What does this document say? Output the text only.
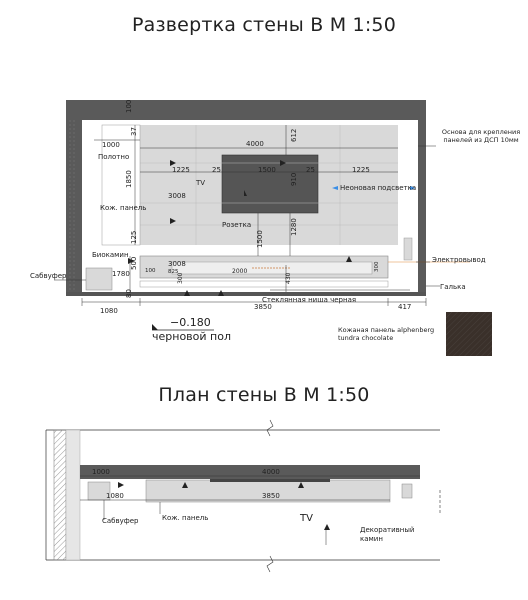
Развертка стены В М 1:50
План стены В М 1:50
100
37	612
4000
1000
1225	25	1500	25	1225
1850
3008
910
1280
1500
125
500	3008
100 825	2000	300
300	430
1780
80
1080	3850	417
Полотно
TV
Кож. панель
Розетка
Биокамин
Сабвуфер
Неоновая подсветка
Электровывод
Галька
Стеклянная ниша черная
Основа для крепления панелей из ДСП 10мм
−0.180
черновой пол	Кожаная панель alphenberg tundra chocolate
1000	4000
1080	3850
Сабвуфер	Кож. панель	TV
Декоративный камин
